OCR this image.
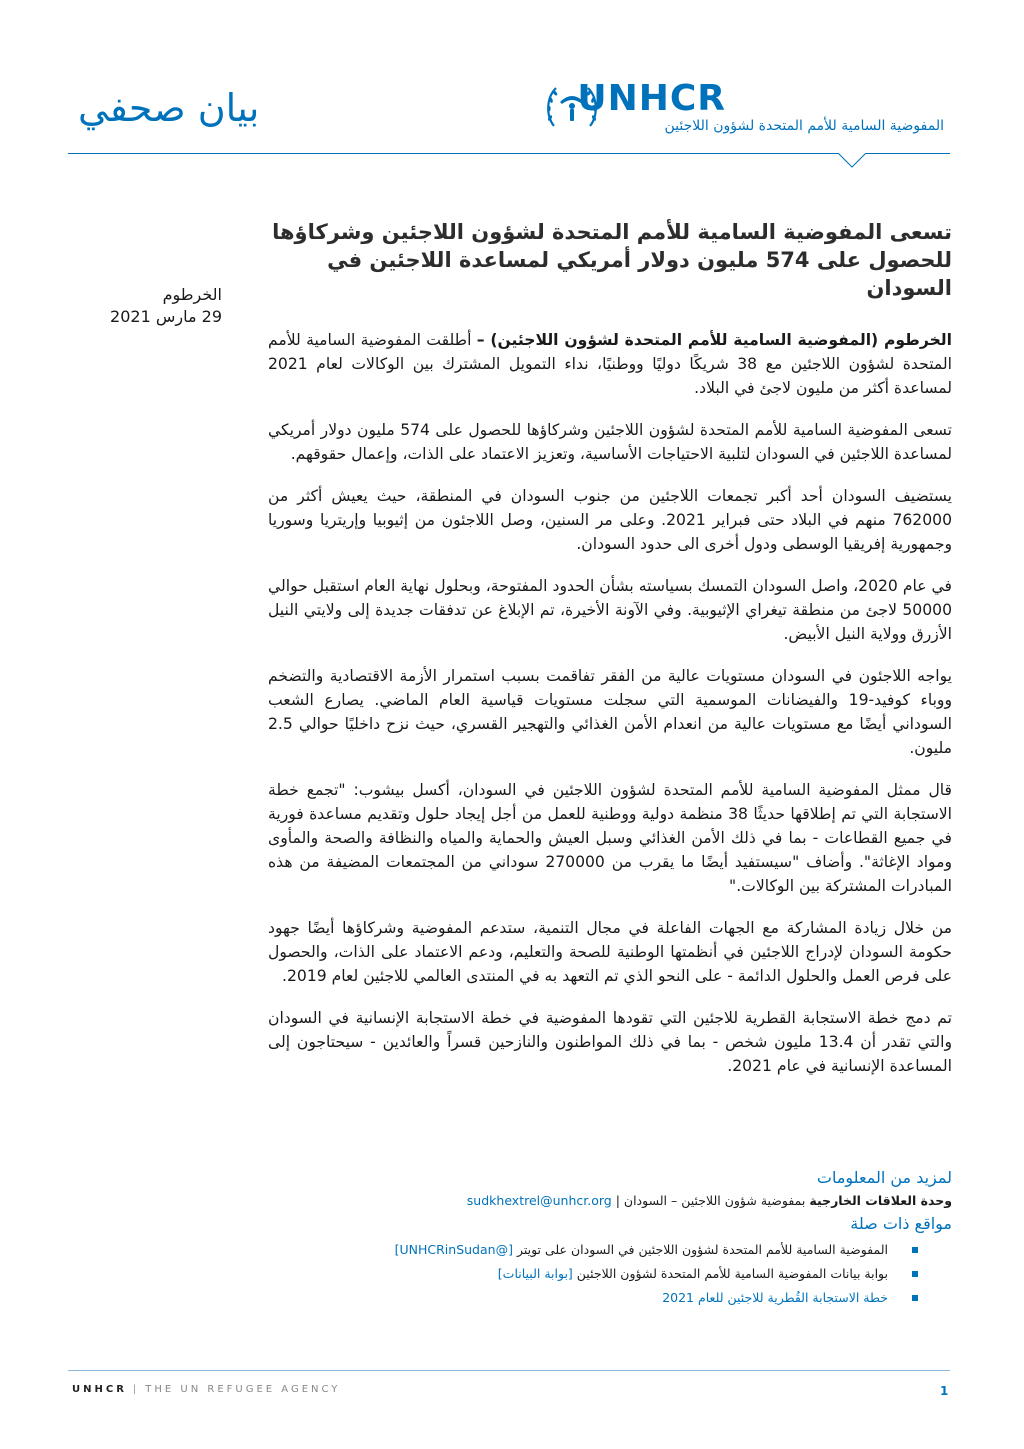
بيان صحفي	UNHCR
المفوضية السامية للأمم المتحدة لشؤون اللاجئين
تسعى المفوضية السامية للأمم المتحدة لشؤون اللاجئين وشركاؤها
للحصول على 574 مليون دولار أمريكي لمساعدة اللاجئين في السودان
الخرطوم
29 مارس 2021

الخرطوم (المفوضية السامية للأمم المتحدة لشؤون اللاجئين) – أطلقت المفوضية السامية للأمم المتحدة لشؤون اللاجئين مع 38 شريكًا دوليًا ووطنيًا، نداء التمويل المشترك بين الوكالات لعام 2021 لمساعدة أكثر من مليون لاجئ في البلاد.

تسعى المفوضية السامية للأمم المتحدة لشؤون اللاجئين وشركاؤها للحصول على 574 مليون دولار أمريكي لمساعدة اللاجئين في السودان لتلبية الاحتياجات الأساسية، وتعزيز الاعتماد على الذات، وإعمال حقوقهم.

يستضيف السودان أحد أكبر تجمعات اللاجئين من جنوب السودان في المنطقة، حيث يعيش أكثر من 762000 منهم في البلاد حتى فبراير 2021. وعلى مر السنين، وصل اللاجئون من إثيوبيا وإريتريا وسوريا وجمهورية إفريقيا الوسطى ودول أخرى الى حدود السودان.

في عام 2020، واصل السودان التمسك بسياسته بشأن الحدود المفتوحة، وبحلول نهاية العام استقبل حوالي 50000 لاجئ من منطقة تيغراي الإثيوبية. وفي الآونة الأخيرة، تم الإبلاغ عن تدفقات جديدة إلى ولايتي النيل الأزرق وولاية النيل الأبيض.

يواجه اللاجئون في السودان مستويات عالية من الفقر تفاقمت بسبب استمرار الأزمة الاقتصادية والتضخم ووباء كوفيد-19 والفيضانات الموسمية التي سجلت مستويات قياسية العام الماضي. يصارع الشعب السوداني أيضًا مع مستويات عالية من انعدام الأمن الغذائي والتهجير القسري، حيث نزح داخليًا حوالي 2.5 مليون.

قال ممثل المفوضية السامية للأمم المتحدة لشؤون اللاجئين في السودان، أكسل بيشوب: "تجمع خطة الاستجابة التي تم إطلاقها حديثًا 38 منظمة دولية ووطنية للعمل من أجل إيجاد حلول وتقديم مساعدة فورية في جميع القطاعات - بما في ذلك الأمن الغذائي وسبل العيش والحماية والمياه والنظافة والصحة والمأوى ومواد الإغاثة". وأضاف "سيستفيد أيضًا ما يقرب من 270000 سوداني من المجتمعات المضيفة من هذه المبادرات المشتركة بين الوكالات."

من خلال زيادة المشاركة مع الجهات الفاعلة في مجال التنمية، ستدعم المفوضية وشركاؤها أيضًا جهود حكومة السودان لإدراج اللاجئين في أنظمتها الوطنية للصحة والتعليم، ودعم الاعتماد على الذات، والحصول على فرص العمل والحلول الدائمة - على النحو الذي تم التعهد به في المنتدى العالمي للاجئين لعام 2019.

تم دمج خطة الاستجابة القطرية للاجئين التي تقودها المفوضية في خطة الاستجابة الإنسانية في السودان والتي تقدر أن 13.4 مليون شخص - بما في ذلك المواطنون والنازحين قسراً والعائدين - سيحتاجون إلى المساعدة الإنسانية في عام 2021.

لمزيد من المعلومات
وحدة العلاقات الخارجية بمفوضية شؤون اللاجئين – السودان | sudkhextrel@unhcr.org
مواقع ذات صلة
المفوضية السامية للأمم المتحدة لشؤون اللاجئين في السودان على تويتر [@UNHCRinSudan]
بوابة بيانات المفوضية السامية للأمم المتحدة لشؤون اللاجئين [بوابة البيانات]
خطة الاستجابة القُطرية للاجئين للعام 2021
UNHCR | THE UN REFUGEE AGENCY	1
